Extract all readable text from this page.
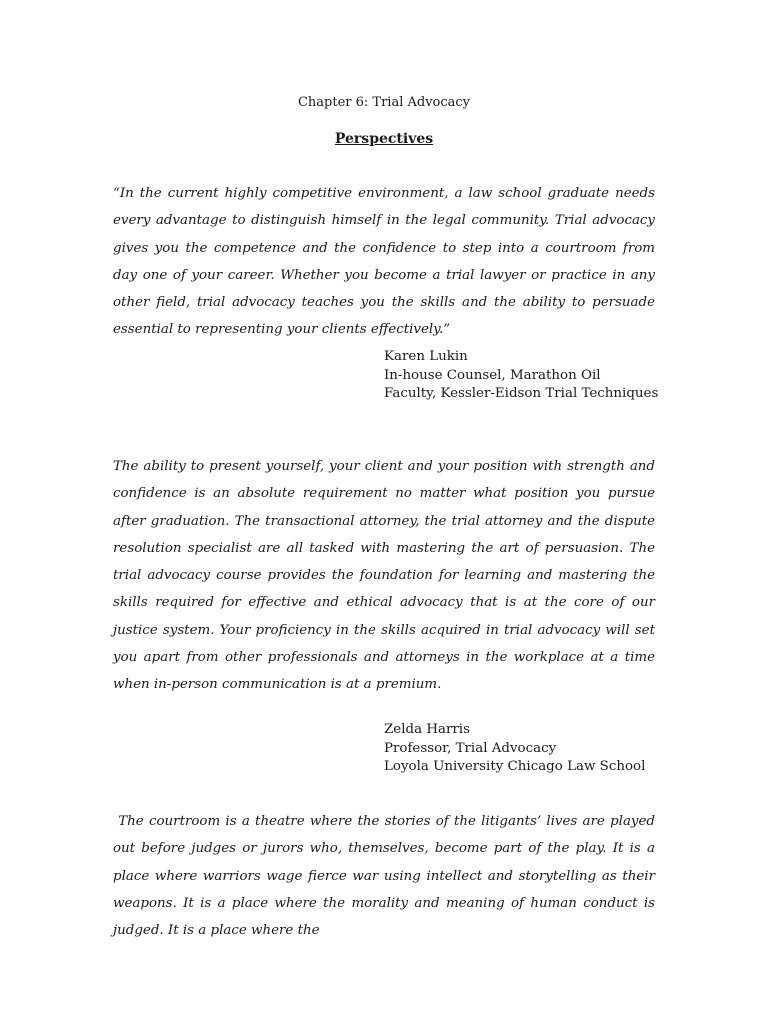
Chapter 6: Trial Advocacy
Perspectives

“In the current highly competitive environment, a law school graduate needs every advantage to distinguish himself in the legal community. Trial advocacy gives you the competence and the confidence to step into a courtroom from day one of your career. Whether you become a trial lawyer or practice in any other field, trial advocacy teaches you the skills and the ability to persuade essential to representing your clients effectively.”

Karen Lukin
In-house Counsel, Marathon Oil
Faculty, Kessler-Eidson Trial Techniques

The ability to present yourself, your client and your position with strength and confidence is an absolute requirement no matter what position you pursue after graduation. The transactional attorney, the trial attorney and the dispute resolution specialist are all tasked with mastering the art of persuasion. The trial advocacy course provides the foundation for learning and mastering the skills required for effective and ethical advocacy that is at the core of our justice system. Your proficiency in the skills acquired in trial advocacy will set you apart from other professionals and attorneys in the workplace at a time when in-person communication is at a premium.

Zelda Harris
Professor, Trial Advocacy
Loyola University Chicago Law School

The courtroom is a theatre where the stories of the litigants’ lives are played out before judges or jurors who, themselves, become part of the play. It is a place where warriors wage fierce war using intellect and storytelling as their weapons. It is a place where the morality and meaning of human conduct is judged. It is a place where the
